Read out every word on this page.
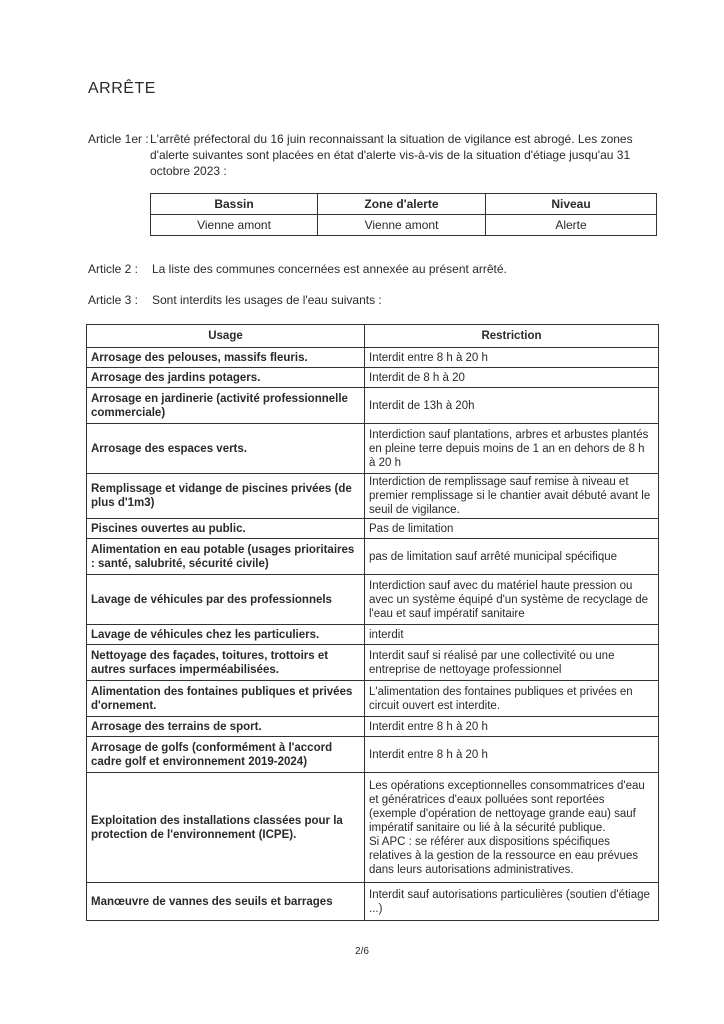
ARRÊTE
Article 1er : L'arrêté préfectoral du 16 juin reconnaissant la situation de vigilance est abrogé. Les zones d'alerte suivantes sont placées en état d'alerte vis-à-vis de la situation d'étiage jusqu'au 31 octobre 2023 :
Bassin	Zone d'alerte	Niveau
Vienne amont	Vienne amont	Alerte
Article 2 : La liste des communes concernées est annexée au présent arrêté.
Article 3 : Sont interdits les usages de l'eau suivants :
Usage	Restriction
Arrosage des pelouses, massifs fleuris.	Interdit entre 8 h à 20 h
Arrosage des jardins potagers.	Interdit de 8 h à 20
Arrosage en jardinerie (activité professionnelle commerciale)	Interdit de 13h à 20h
Arrosage des espaces verts.	Interdiction sauf plantations, arbres et arbustes plantés en pleine terre depuis moins de 1 an en dehors de 8 h à 20 h
Remplissage et vidange de piscines privées (de plus d'1m3)	Interdiction de remplissage sauf remise à niveau et premier remplissage si le chantier avait débuté avant le seuil de vigilance.
Piscines ouvertes au public.	Pas de limitation
Alimentation en eau potable (usages prioritaires : santé, salubrité, sécurité civile)	pas de limitation sauf arrêté municipal spécifique
Lavage de véhicules par des professionnels	Interdiction sauf avec du matériel haute pression ou avec un système équipé d'un système de recyclage de l'eau et sauf impératif sanitaire
Lavage de véhicules chez les particuliers.	interdit
Nettoyage des façades, toitures, trottoirs et autres surfaces imperméabilisées.	Interdit sauf si réalisé par une collectivité ou une entreprise de nettoyage professionnel
Alimentation des fontaines publiques et privées d'ornement.	L'alimentation des fontaines publiques et privées en circuit ouvert est interdite.
Arrosage des terrains de sport.	Interdit entre 8 h à 20 h
Arrosage de golfs (conformément à l'accord cadre golf et environnement 2019-2024)	Interdit entre 8 h à 20 h
Exploitation des installations classées pour la protection de l'environnement (ICPE).	Les opérations exceptionnelles consommatrices d'eau et génératrices d'eaux polluées sont reportées (exemple d'opération de nettoyage grande eau) sauf impératif sanitaire ou lié à la sécurité publique.
Si APC : se référer aux dispositions spécifiques relatives à la gestion de la ressource en eau prévues dans leurs autorisations administratives.
Manœuvre de vannes des seuils et barrages	Interdit sauf autorisations particulières (soutien d'étiage ...)
2/6
